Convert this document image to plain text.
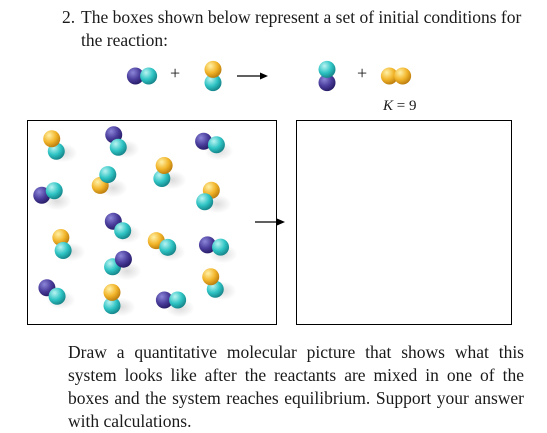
2. The boxes shown below represent a set of initial conditions for the reaction:
+	+
K = 9
Draw a quantitative molecular picture that shows what this system looks like after the reactants are mixed in one of the boxes and the system reaches equilibrium. Support your answer with calculations.
